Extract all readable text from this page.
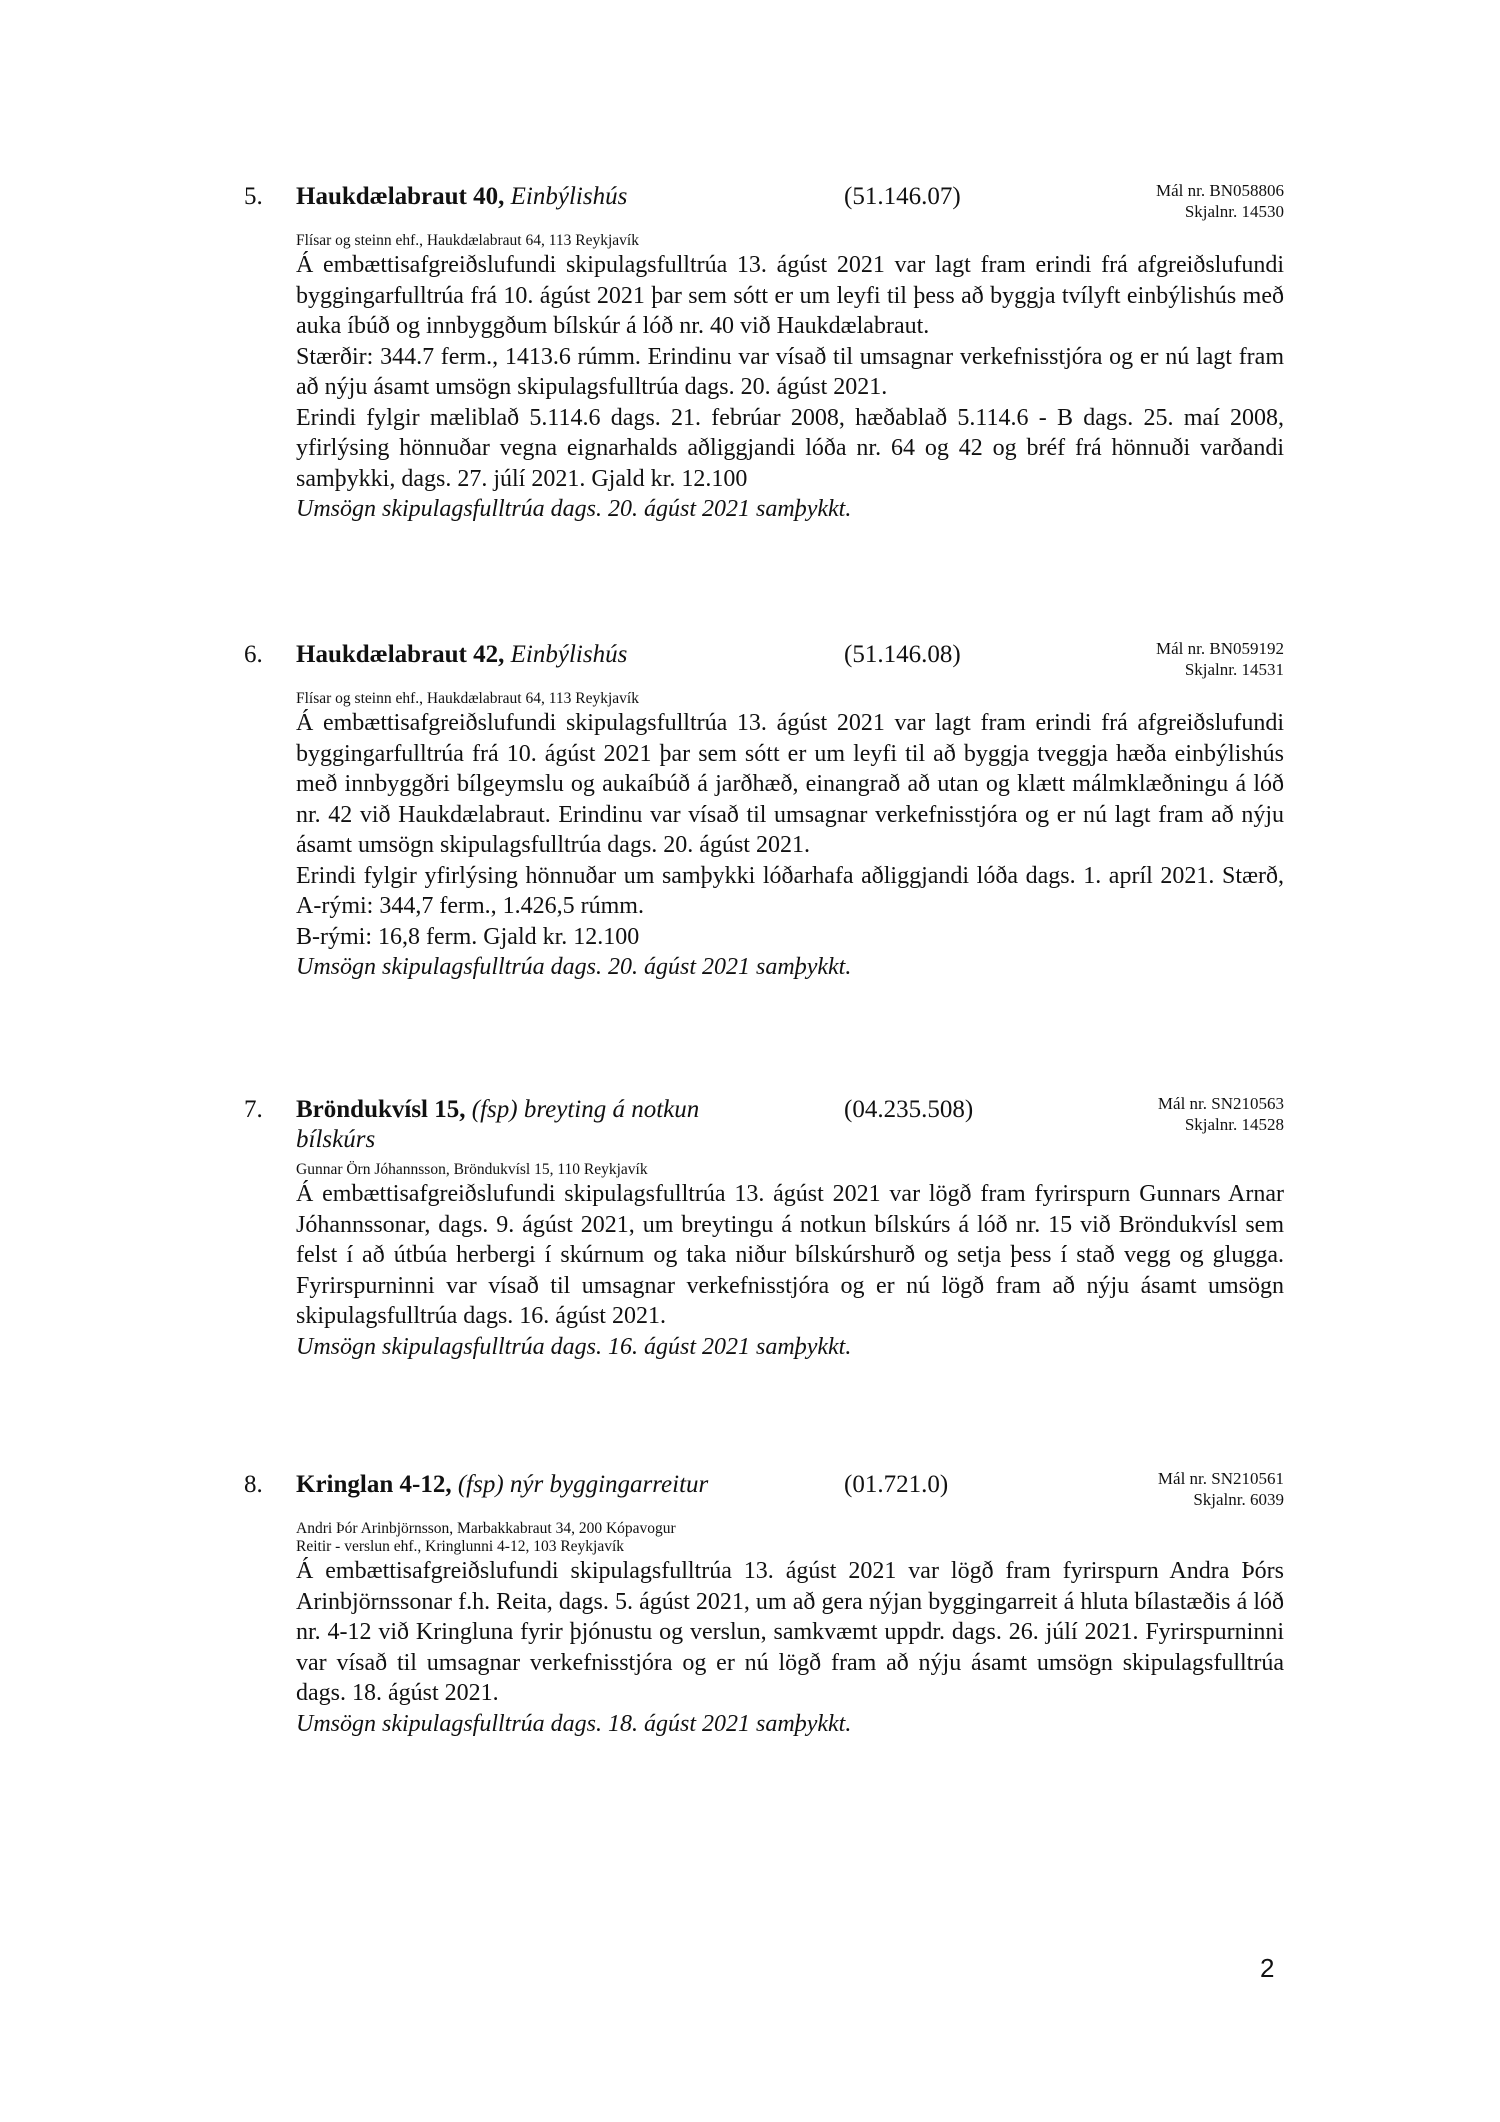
5. Haukdælabraut 40, Einbýlishús	(51.146.07)	Mál nr. BN058806
Skjalnr. 14530
Flísar og steinn ehf., Haukdælabraut 64, 113 Reykjavík

Á embættisafgreiðslufundi skipulagsfulltrúa 13. ágúst 2021 var lagt fram erindi frá afgreiðslufundi byggingarfulltrúa frá 10. ágúst 2021 þar sem sótt er um leyfi til þess að byggja tvílyft einbýlishús með auka íbúð og innbyggðum bílskúr á lóð nr. 40 við Haukdælabraut.

Stærðir: 344.7 ferm., 1413.6 rúmm. Erindinu var vísað til umsagnar verkefnisstjóra og er nú lagt fram að nýju ásamt umsögn skipulagsfulltrúa dags. 20. ágúst 2021.

Erindi fylgir mæliblað 5.114.6 dags. 21. febrúar 2008, hæðablað 5.114.6 - B dags. 25. maí 2008, yfirlýsing hönnuðar vegna eignarhalds aðliggjandi lóða nr. 64 og 42 og bréf frá hönnuði varðandi samþykki, dags. 27. júlí 2021. Gjald kr. 12.100

Umsögn skipulagsfulltrúa dags. 20. ágúst 2021 samþykkt.

6. Haukdælabraut 42, Einbýlishús	(51.146.08)	Mál nr. BN059192
Skjalnr. 14531
Flísar og steinn ehf., Haukdælabraut 64, 113 Reykjavík

Á embættisafgreiðslufundi skipulagsfulltrúa 13. ágúst 2021 var lagt fram erindi frá afgreiðslufundi byggingarfulltrúa frá 10. ágúst 2021 þar sem sótt er um leyfi til að byggja tveggja hæða einbýlishús með innbyggðri bílgeymslu og aukaíbúð á jarðhæð, einangrað að utan og klætt málmklæðningu á lóð nr. 42 við Haukdælabraut. Erindinu var vísað til umsagnar verkefnisstjóra og er nú lagt fram að nýju ásamt umsögn skipulagsfulltrúa dags. 20. ágúst 2021.

Erindi fylgir yfirlýsing hönnuðar um samþykki lóðarhafa aðliggjandi lóða dags. 1. apríl 2021. Stærð, A-rými: 344,7 ferm., 1.426,5 rúmm.

B-rými: 16,8 ferm. Gjald kr. 12.100

Umsögn skipulagsfulltrúa dags. 20. ágúst 2021 samþykkt.

7. Bröndukvísl 15, (fsp) breyting á notkun bílskúrs
(04.235.508)	Mál nr. SN210563
Skjalnr. 14528
Gunnar Örn Jóhannsson, Bröndukvísl 15, 110 Reykjavík

Á embættisafgreiðslufundi skipulagsfulltrúa 13. ágúst 2021 var lögð fram fyrirspurn Gunnars Arnar Jóhannssonar, dags. 9. ágúst 2021, um breytingu á notkun bílskúrs á lóð nr. 15 við Bröndukvísl sem felst í að útbúa herbergi í skúrnum og taka niður bílskúrshurð og setja þess í stað vegg og glugga. Fyrirspurninni var vísað til umsagnar verkefnisstjóra og er nú lögð fram að nýju ásamt umsögn skipulagsfulltrúa dags. 16. ágúst 2021.

Umsögn skipulagsfulltrúa dags. 16. ágúst 2021 samþykkt.

8. Kringlan 4-12, (fsp) nýr byggingarreitur	(01.721.0)	Mál nr. SN210561
Skjalnr. 6039
Andri Þór Arinbjörnsson, Marbakkabraut 34, 200 Kópavogur
Reitir - verslun ehf., Kringlunni 4-12, 103 Reykjavík

Á embættisafgreiðslufundi skipulagsfulltrúa 13. ágúst 2021 var lögð fram fyrirspurn Andra Þórs Arinbjörnssonar f.h. Reita, dags. 5. ágúst 2021, um að gera nýjan byggingarreit á hluta bílastæðis á lóð nr. 4-12 við Kringluna fyrir þjónustu og verslun, samkvæmt uppdr. dags. 26. júlí 2021. Fyrirspurninni var vísað til umsagnar verkefnisstjóra og er nú lögð fram að nýju ásamt umsögn skipulagsfulltrúa dags. 18. ágúst 2021.

Umsögn skipulagsfulltrúa dags. 18. ágúst 2021 samþykkt.

2
